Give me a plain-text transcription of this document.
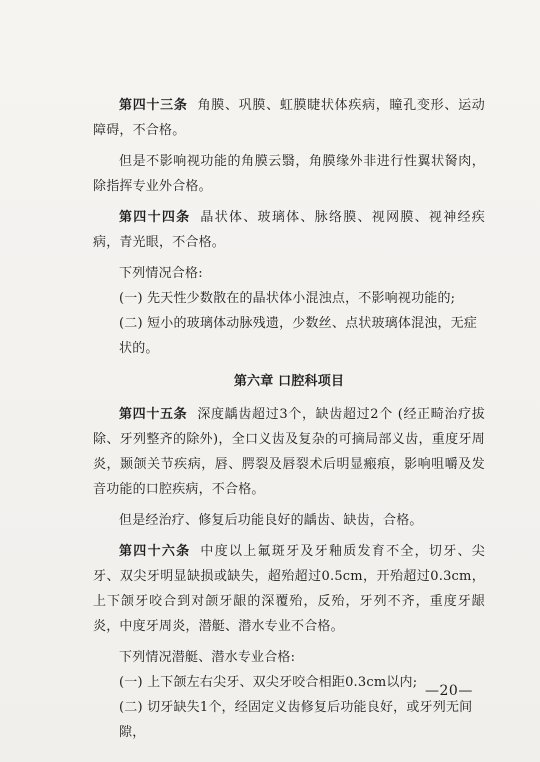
第四十三条 角膜、巩膜、虹膜睫状体疾病，瞳孔变形、运动障碍，不合格。

但是不影响视功能的角膜云翳，角膜缘外非进行性翼状胬肉，除指挥专业外合格。

第四十四条 晶状体、玻璃体、脉络膜、视网膜、视神经疾病，青光眼，不合格。

下列情况合格:

(一) 先天性少数散在的晶状体小混浊点，不影响视功能的;

(二) 短小的玻璃体动脉残遗，少数丝、点状玻璃体混浊，无症状的。

第六章 口腔科项目

第四十五条 深度龋齿超过3个，缺齿超过2个 (经正畸治疗拔除、牙列整齐的除外)，全口义齿及复杂的可摘局部义齿，重度牙周炎，颞颌关节疾病，唇、腭裂及唇裂术后明显瘢痕，影响咀嚼及发音功能的口腔疾病，不合格。

但是经治疗、修复后功能良好的龋齿、缺齿，合格。

第四十六条 中度以上氟斑牙及牙釉质发育不全，切牙、尖牙、双尖牙明显缺损或缺失，超殆超过0.5cm，开殆超过0.3cm，上下颌牙咬合到对颌牙龈的深覆殆，反殆，牙列不齐，重度牙龈炎，中度牙周炎，潜艇、潜水专业不合格。

下列情况潜艇、潜水专业合格:

(一) 上下颌左右尖牙、双尖牙咬合相距0.3cm以内;

(二) 切牙缺失1个，经固定义齿修复后功能良好，或牙列无间隙，

—20—
